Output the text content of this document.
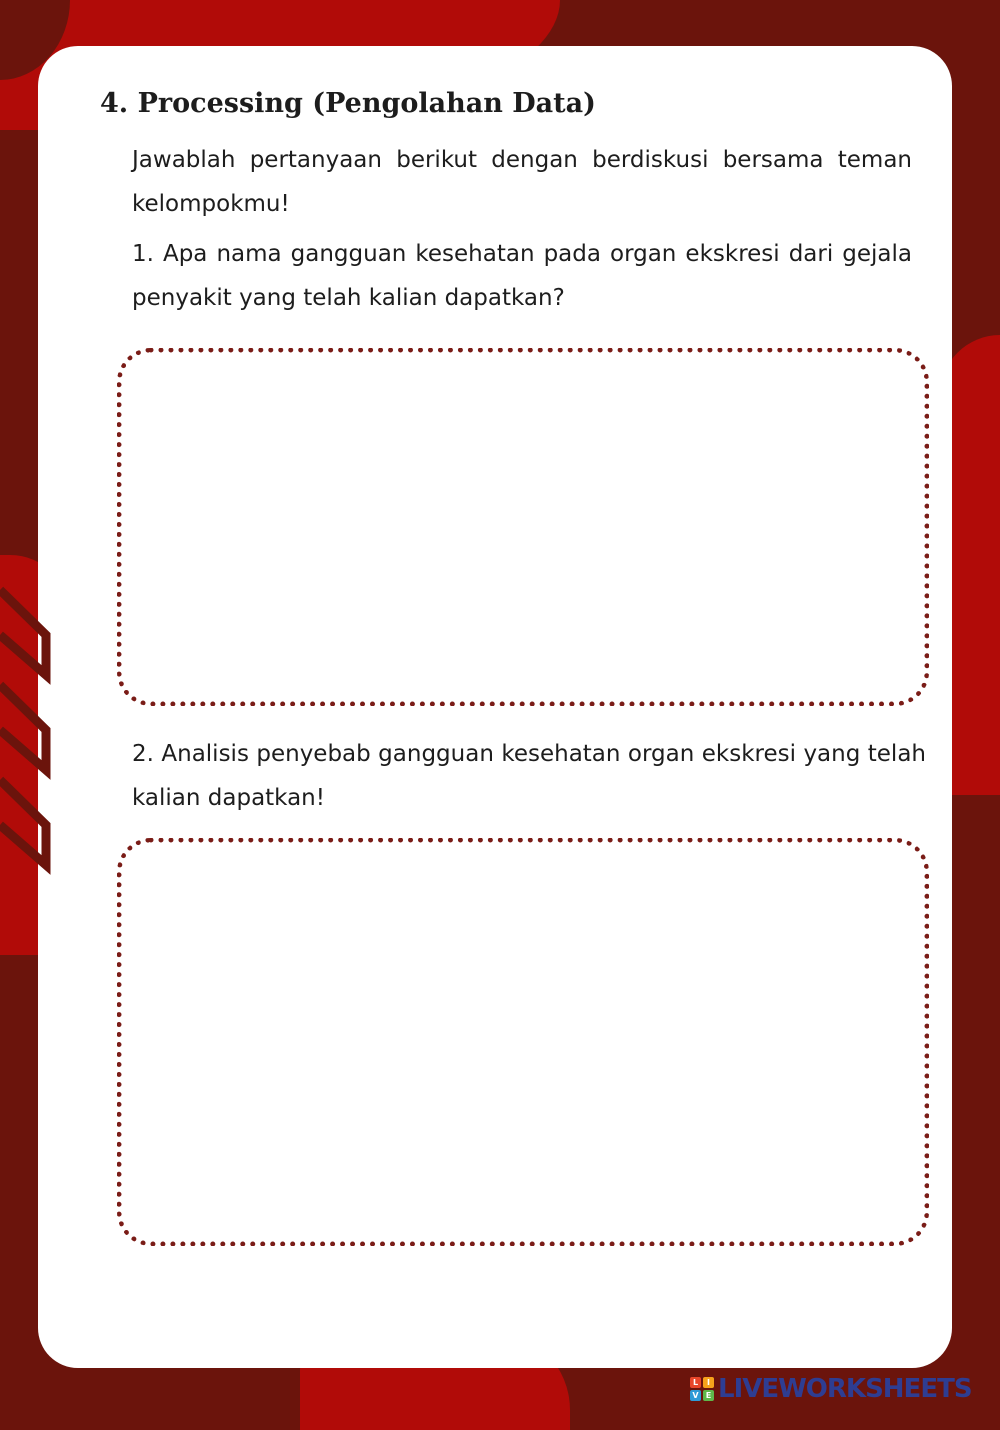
4. Processing (Pengolahan Data)

Jawablah pertanyaan berikut dengan berdiskusi bersama teman kelompokmu!

1. Apa nama gangguan kesehatan pada organ ekskresi dari gejala penyakit yang telah kalian dapatkan?

2. Analisis penyebab gangguan kesehatan organ ekskresi yang telah kalian dapatkan!

L	I
V E LIVEWORKSHEETS
